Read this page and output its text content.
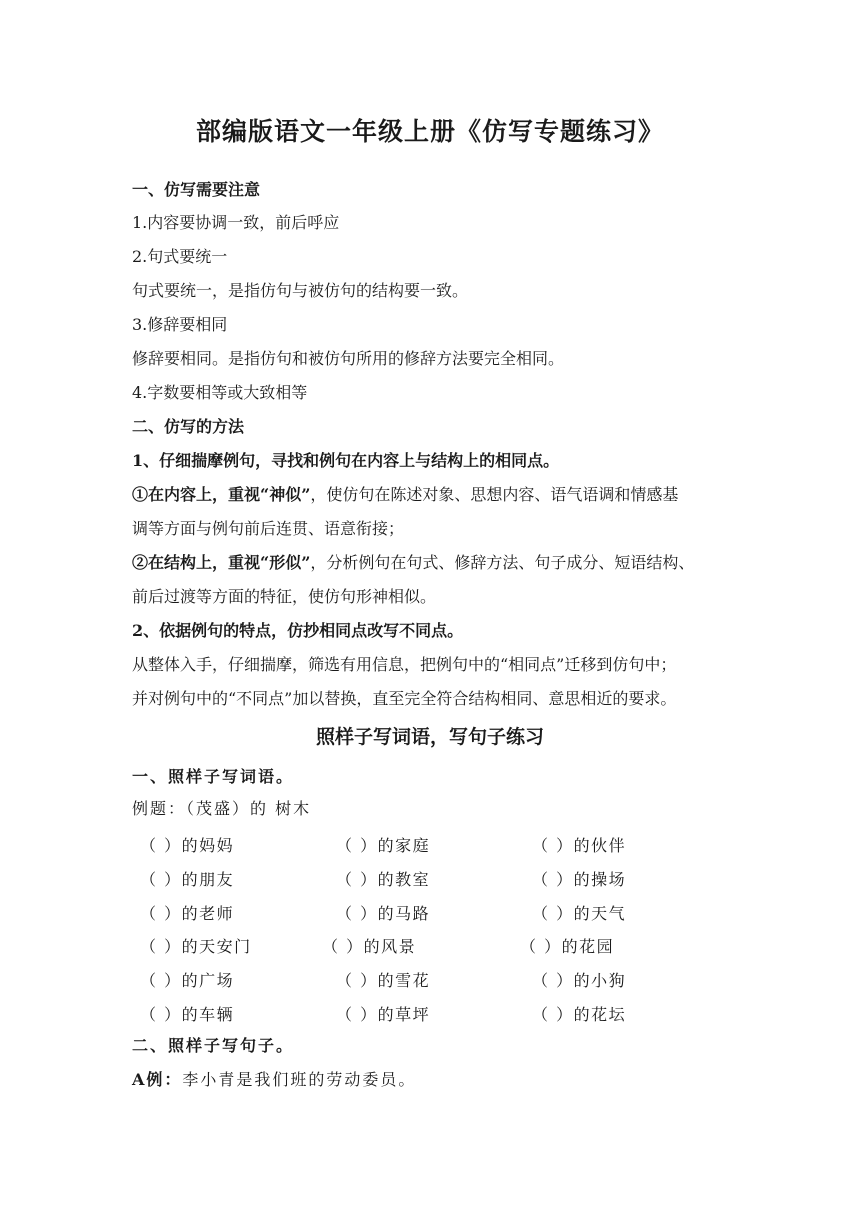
部编版语文一年级上册《仿写专题练习》
一、仿写需要注意
1.内容要协调一致，前后呼应
2.句式要统一
句式要统一，是指仿句与被仿句的结构要一致。
3.修辞要相同
修辞要相同。是指仿句和被仿句所用的修辞方法要完全相同。
4.字数要相等或大致相等
二、仿写的方法
1、仔细揣摩例句，寻找和例句在内容上与结构上的相同点。
①在内容上，重视“神似”，使仿句在陈述对象、思想内容、语气语调和情感基
调等方面与例句前后连贯、语意衔接；
②在结构上，重视“形似”，分析例句在句式、修辞方法、句子成分、短语结构、
前后过渡等方面的特征，使仿句形神相似。
2、依据例句的特点，仿抄相同点改写不同点。
从整体入手，仔细揣摩，筛选有用信息，把例句中的“相同点”迁移到仿句中；
并对例句中的“不同点”加以替换，直至完全符合结构相同、意思相近的要求。
照样子写词语，写句子练习
一、照样子写词语。
例题：（茂盛）的 树木
（ ）的妈妈	（ ）的家庭	（ ）的伙伴
（ ）的朋友	（ ）的教室	（ ）的操场
（ ）的老师	（ ）的马路	（ ）的天气
（ ）的天安门	（ ）的风景	（ ）的花园
（ ）的广场	（ ）的雪花	（ ）的小狗
（ ）的车辆	（ ）的草坪	（ ）的花坛
二、照样子写句子。
A例：李小青是我们班的劳动委员。
